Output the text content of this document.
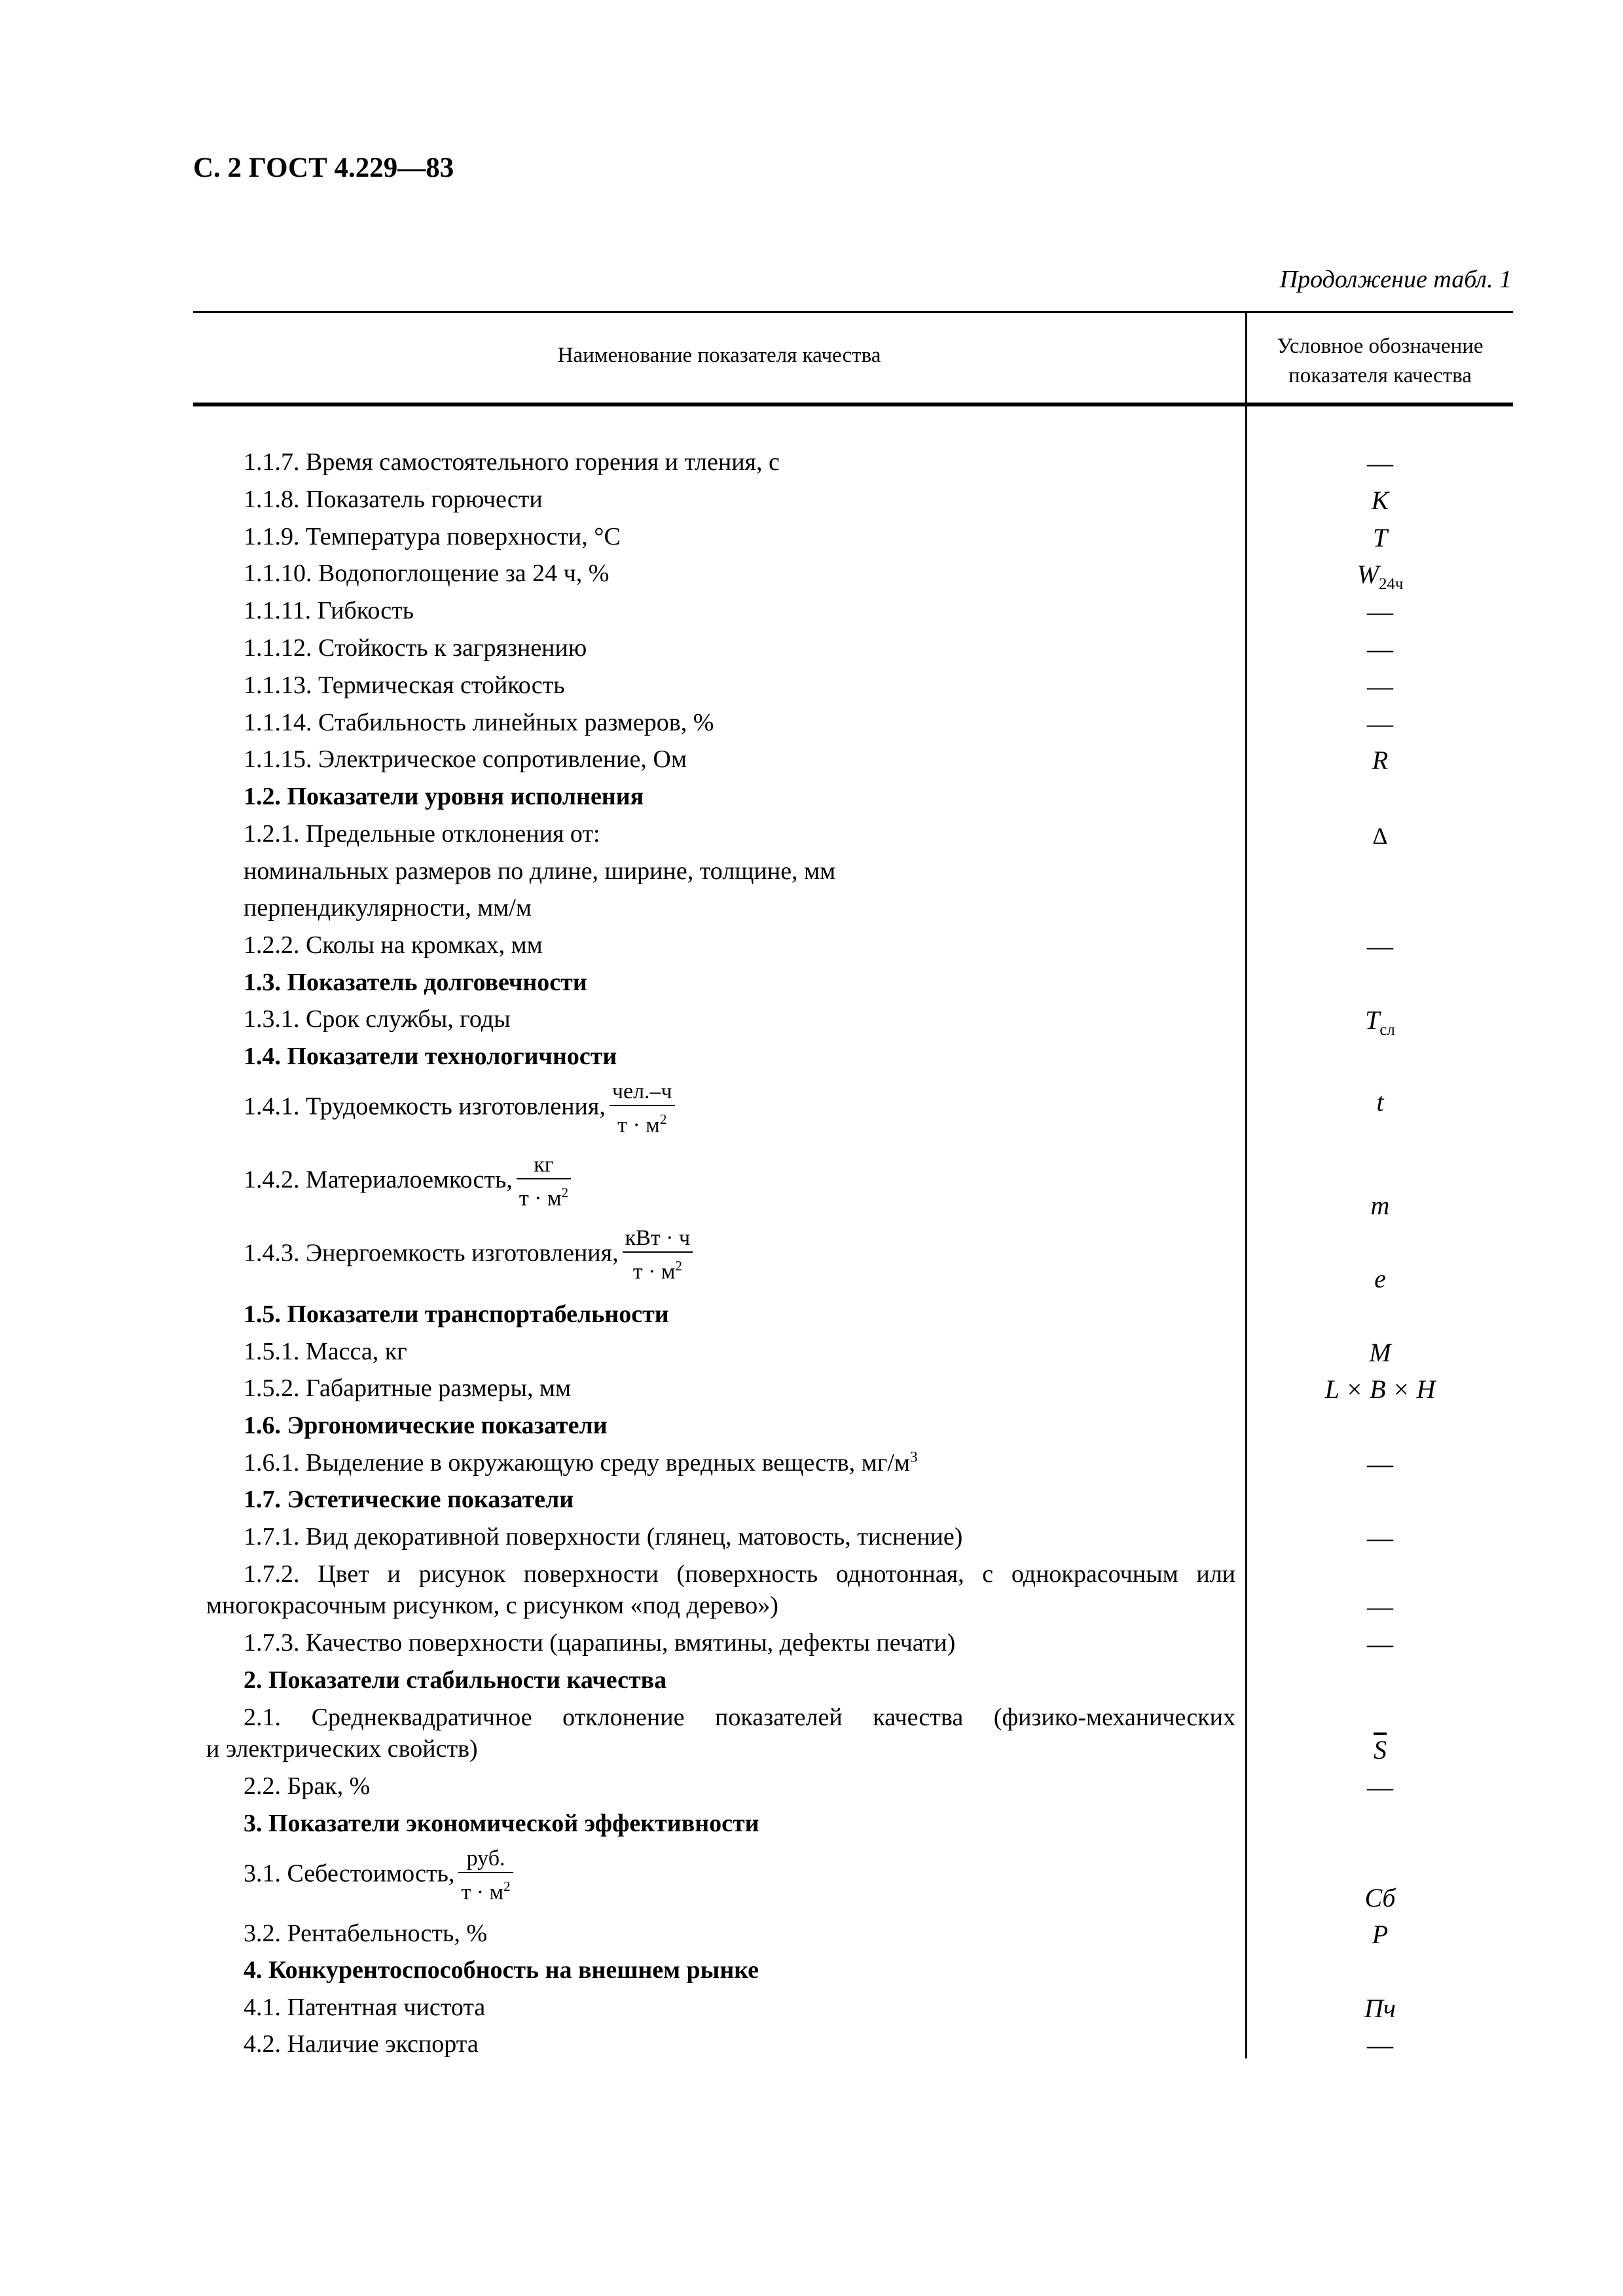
С. 2 ГОСТ 4.229—83
Продолжение табл. 1
Наименование показателя качества	Условное обозначение
показателя качества
1.1.7. Время самостоятельного горения и тления, с
1.1.8. Показатель горючести
1.1.9. Температура поверхности, °С
1.1.10. Водопоглощение за 24 ч, %
1.1.11. Гибкость
1.1.12. Стойкость к загрязнению
1.1.13. Термическая стойкость
1.1.14. Стабильность линейных размеров, %
1.1.15. Электрическое сопротивление, Ом
1.2. Показатели уровня исполнения
1.2.1. Предельные отклонения от:
номинальных размеров по длине, ширине, толщине, мм
перпендикулярности, мм/м
1.2.2. Сколы на кромках, мм
1.3. Показатель долговечности
1.3.1. Срок службы, годы
1.4. Показатели технологичности
1.4.1. Трудоемкость изготовления, $\frac{\text{чел.–ч}}{т \cdot м^2}$
1.4.2. Материалоемкость, $\frac{кг}{т \cdot м^2}$
1.4.3. Энергоемкость изготовления, $\frac{\text{кВт · ч}}{т \cdot м^2}$
1.5. Показатели транспортабельности
1.5.1. Масса, кг
1.5.2. Габаритные размеры, мм
1.6. Эргономические показатели
1.6.1. Выделение в окружающую среду вредных веществ, $мг/м^3$
1.7. Эстетические показатели
1.7.1. Вид декоративной поверхности (глянец, матовость, тиснение)
1.7.2. Цвет и рисунок поверхности (поверхность однотонная, с однокрасочным или
многокрасочным рисунком, с рисунком «под дерево»)
1.7.3. Качество поверхности (царапины, вмятины, дефекты печати)
2. Показатели стабильности качества
2.1. Среднеквадратичное отклонение показателей качества (физико-механических
и электрических свойств)
2.2. Брак, %
3. Показатели экономической эффективности
3.1. Себестоимость, $\frac{\text{руб.}}{т \cdot м^2}$
3.2. Рентабельность, %
4. Конкурентоспособность на внешнем рынке
4.1. Патентная чистота
4.2. Наличие экспорта
—
K
T
$W_{24ч}$
—
—
—
—
R
Δ
—
$T_{сл}$
t
m
e
M
L × B × H
—
—
—
—
$\overline{S}$
—
Сб
P
Пч
—
